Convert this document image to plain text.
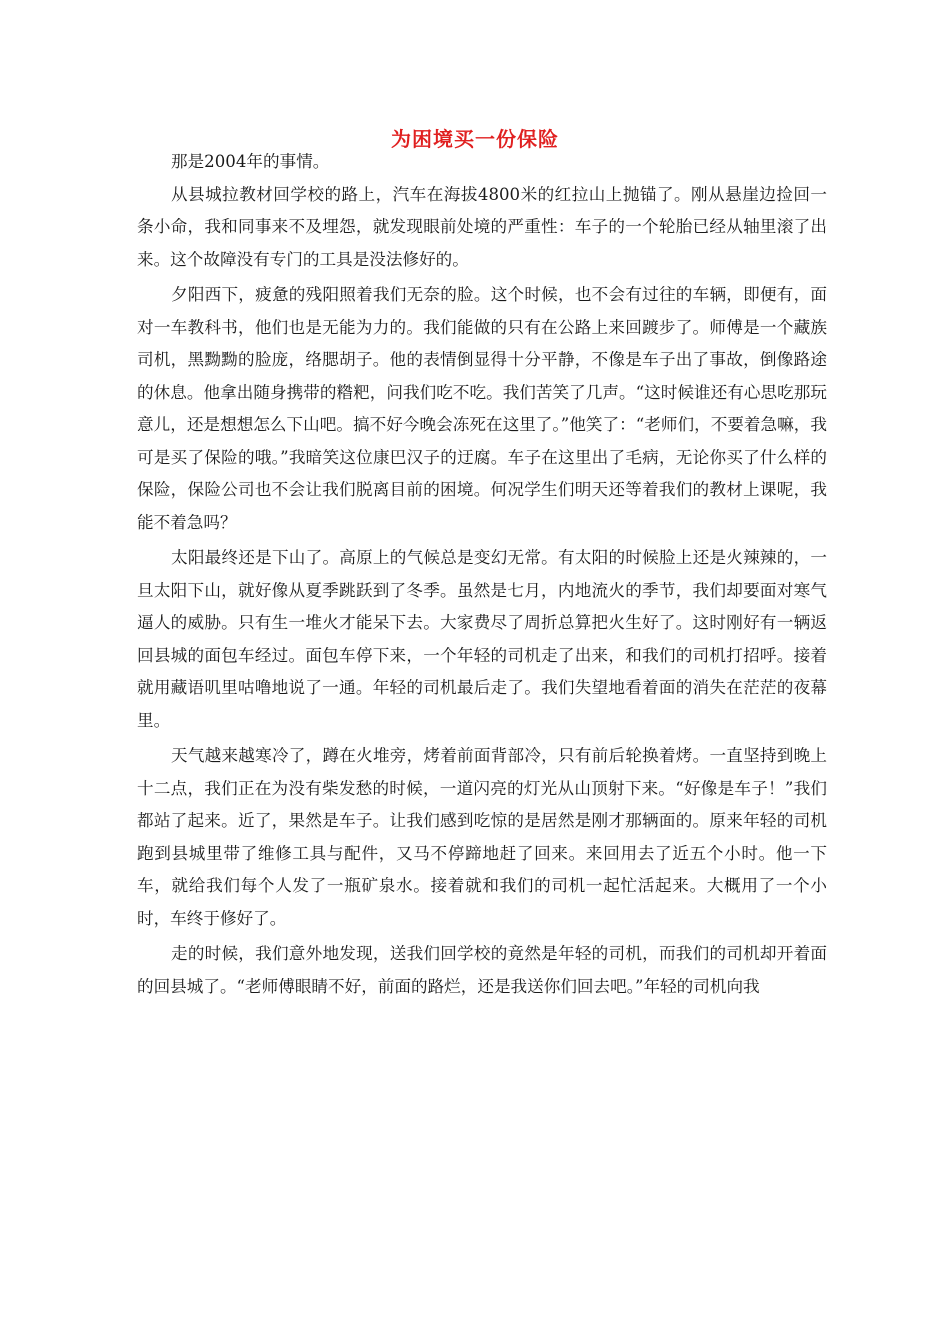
为困境买一份保险

那是2004年的事情。

从县城拉教材回学校的路上，汽车在海拔4800米的红拉山上抛锚了。刚从悬崖边捡回一条小命，我和同事来不及埋怨，就发现眼前处境的严重性：车子的一个轮胎已经从轴里滚了出来。这个故障没有专门的工具是没法修好的。

夕阳西下，疲惫的残阳照着我们无奈的脸。这个时候，也不会有过往的车辆，即便有，面对一车教科书，他们也是无能为力的。我们能做的只有在公路上来回踱步了。师傅是一个藏族司机，黑黝黝的脸庞，络腮胡子。他的表情倒显得十分平静，不像是车子出了事故，倒像路途的休息。他拿出随身携带的糌粑，问我们吃不吃。我们苦笑了几声。“这时候谁还有心思吃那玩意儿，还是想想怎么下山吧。搞不好今晚会冻死在这里了。”他笑了：“老师们，不要着急嘛，我可是买了保险的哦。”我暗笑这位康巴汉子的迂腐。车子在这里出了毛病，无论你买了什么样的保险，保险公司也不会让我们脱离目前的困境。何况学生们明天还等着我们的教材上课呢，我能不着急吗？

太阳最终还是下山了。高原上的气候总是变幻无常。有太阳的时候脸上还是火辣辣的，一旦太阳下山，就好像从夏季跳跃到了冬季。虽然是七月，内地流火的季节，我们却要面对寒气逼人的威胁。只有生一堆火才能呆下去。大家费尽了周折总算把火生好了。这时刚好有一辆返回县城的面包车经过。面包车停下来，一个年轻的司机走了出来，和我们的司机打招呼。接着就用藏语叽里咕噜地说了一通。年轻的司机最后走了。我们失望地看着面的消失在茫茫的夜幕里。

天气越来越寒冷了，蹲在火堆旁，烤着前面背部冷，只有前后轮换着烤。一直坚持到晚上十二点，我们正在为没有柴发愁的时候，一道闪亮的灯光从山顶射下来。“好像是车子！”我们都站了起来。近了，果然是车子。让我们感到吃惊的是居然是刚才那辆面的。原来年轻的司机跑到县城里带了维修工具与配件，又马不停蹄地赶了回来。来回用去了近五个小时。他一下车，就给我们每个人发了一瓶矿泉水。接着就和我们的司机一起忙活起来。大概用了一个小时，车终于修好了。

走的时候，我们意外地发现，送我们回学校的竟然是年轻的司机，而我们的司机却开着面的回县城了。“老师傅眼睛不好，前面的路烂，还是我送你们回去吧。”年轻的司机向我
